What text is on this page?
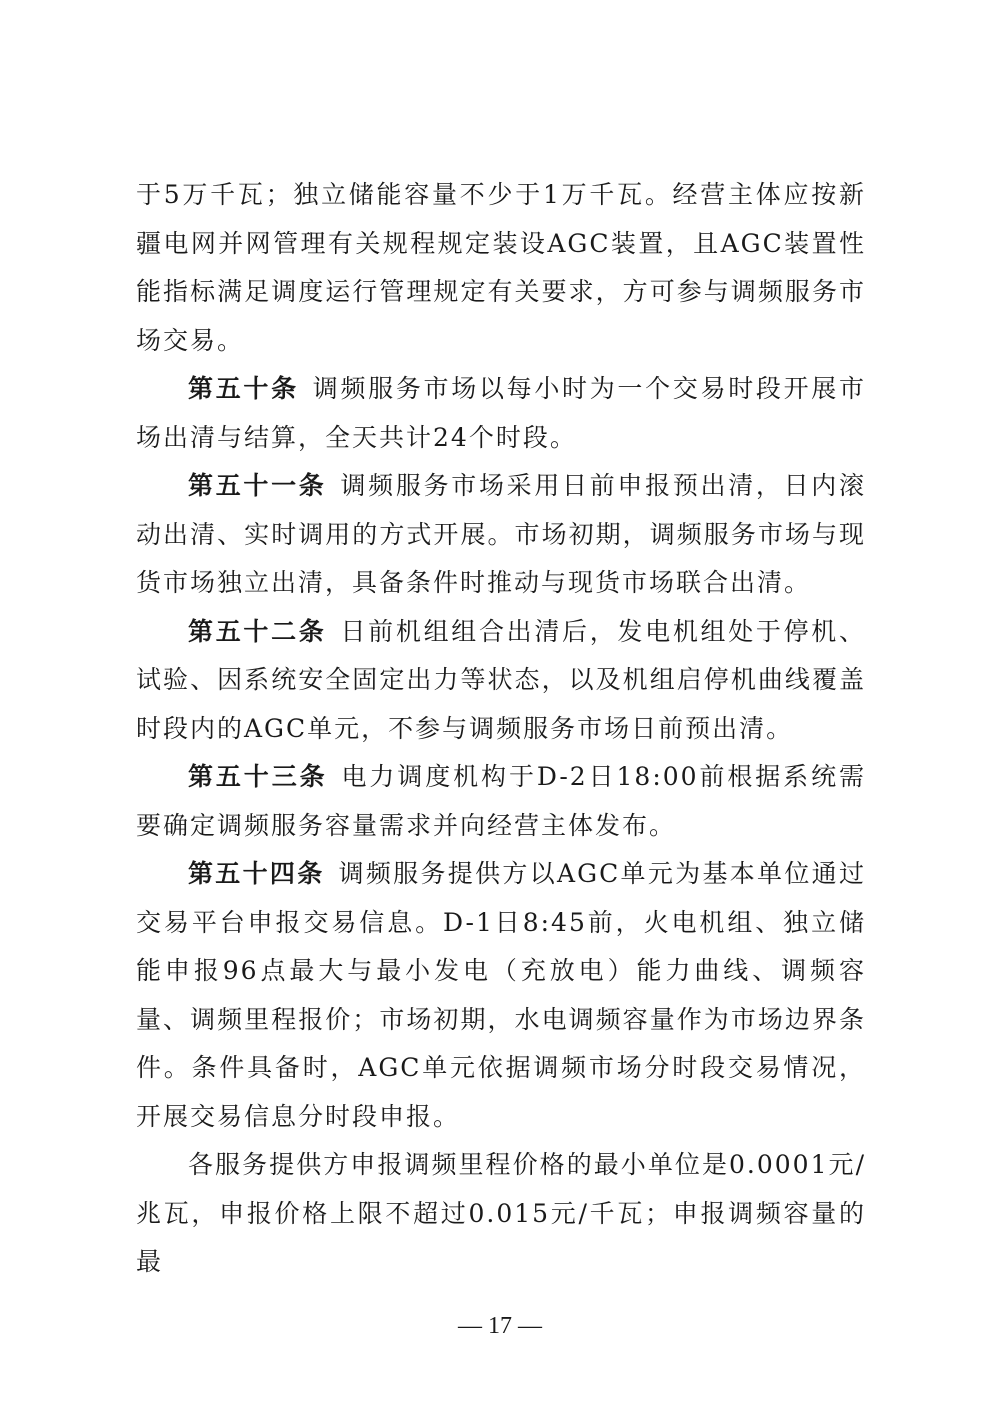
于5万千瓦；独立储能容量不少于1万千瓦。经营主体应按新疆电网并网管理有关规程规定装设AGC装置，且AGC装置性能指标满足调度运行管理规定有关要求，方可参与调频服务市场交易。

第五十条 调频服务市场以每小时为一个交易时段开展市场出清与结算，全天共计24个时段。

第五十一条 调频服务市场采用日前申报预出清，日内滚动出清、实时调用的方式开展。市场初期，调频服务市场与现货市场独立出清，具备条件时推动与现货市场联合出清。

第五十二条 日前机组组合出清后，发电机组处于停机、试验、因系统安全固定出力等状态，以及机组启停机曲线覆盖时段内的AGC单元，不参与调频服务市场日前预出清。

第五十三条 电力调度机构于D-2日18:00前根据系统需要确定调频服务容量需求并向经营主体发布。

第五十四条 调频服务提供方以AGC单元为基本单位通过交易平台申报交易信息。D-1日8:45前，火电机组、独立储能申报96点最大与最小发电（充放电）能力曲线、调频容量、调频里程报价；市场初期，水电调频容量作为市场边界条件。条件具备时，AGC单元依据调频市场分时段交易情况，开展交易信息分时段申报。

各服务提供方申报调频里程价格的最小单位是0.0001元/兆瓦，申报价格上限不超过0.015元/千瓦；申报调频容量的最

— 17 —
